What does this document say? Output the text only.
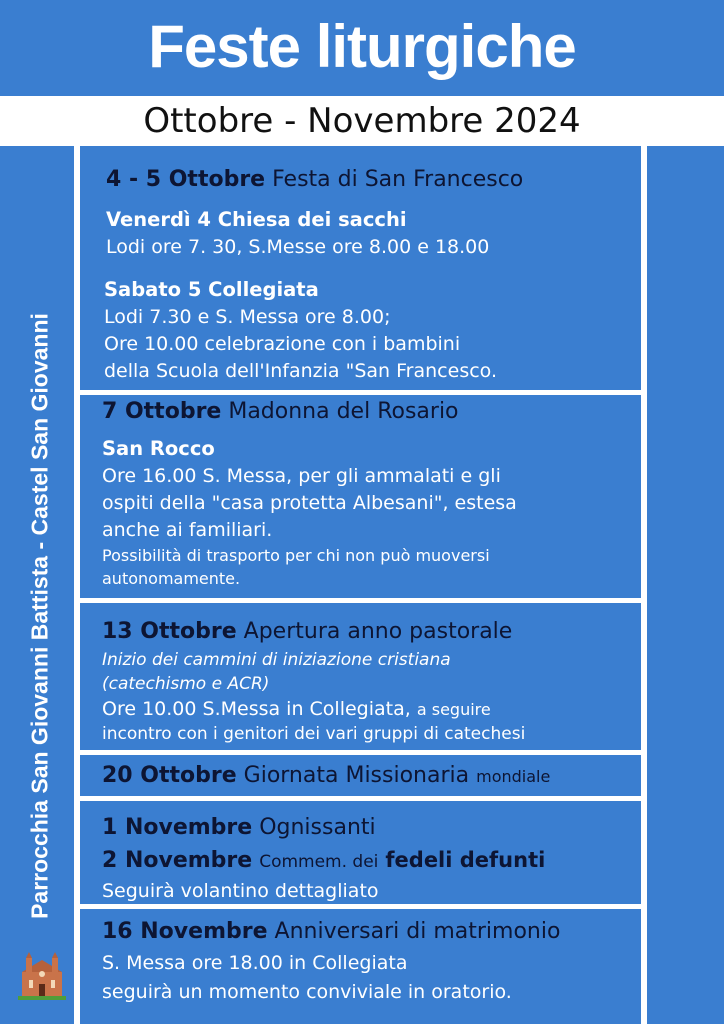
Feste liturgiche
Ottobre - Novembre 2024
Parrocchia San Giovanni Battista - Castel San Giovanni
4 - 5 Ottobre Festa di San Francesco
Venerdì 4 Chiesa dei sacchi
Lodi ore 7. 30, S.Messe ore 8.00 e 18.00
Sabato 5 Collegiata
Lodi 7.30 e S. Messa ore 8.00;
Ore 10.00 celebrazione con i bambini
della Scuola dell'Infanzia "San Francesco.
7 Ottobre Madonna del Rosario
San Rocco
Ore 16.00 S. Messa, per gli ammalati e gli
ospiti della "casa protetta Albesani", estesa
anche ai familiari.
Possibilità di trasporto per chi non può muoversi
autonomamente.
13 Ottobre Apertura anno pastorale
Inizio dei cammini di iniziazione cristiana
(catechismo e ACR)
Ore 10.00 S.Messa in Collegiata, a seguire
incontro con i genitori dei vari gruppi di catechesi
20 Ottobre Giornata Missionaria mondiale
1 Novembre Ognissanti
2 Novembre Commem. dei fedeli defunti
Seguirà volantino dettagliato
16 Novembre Anniversari di matrimonio
S. Messa ore 18.00 in Collegiata
seguirà un momento conviviale in oratorio.
